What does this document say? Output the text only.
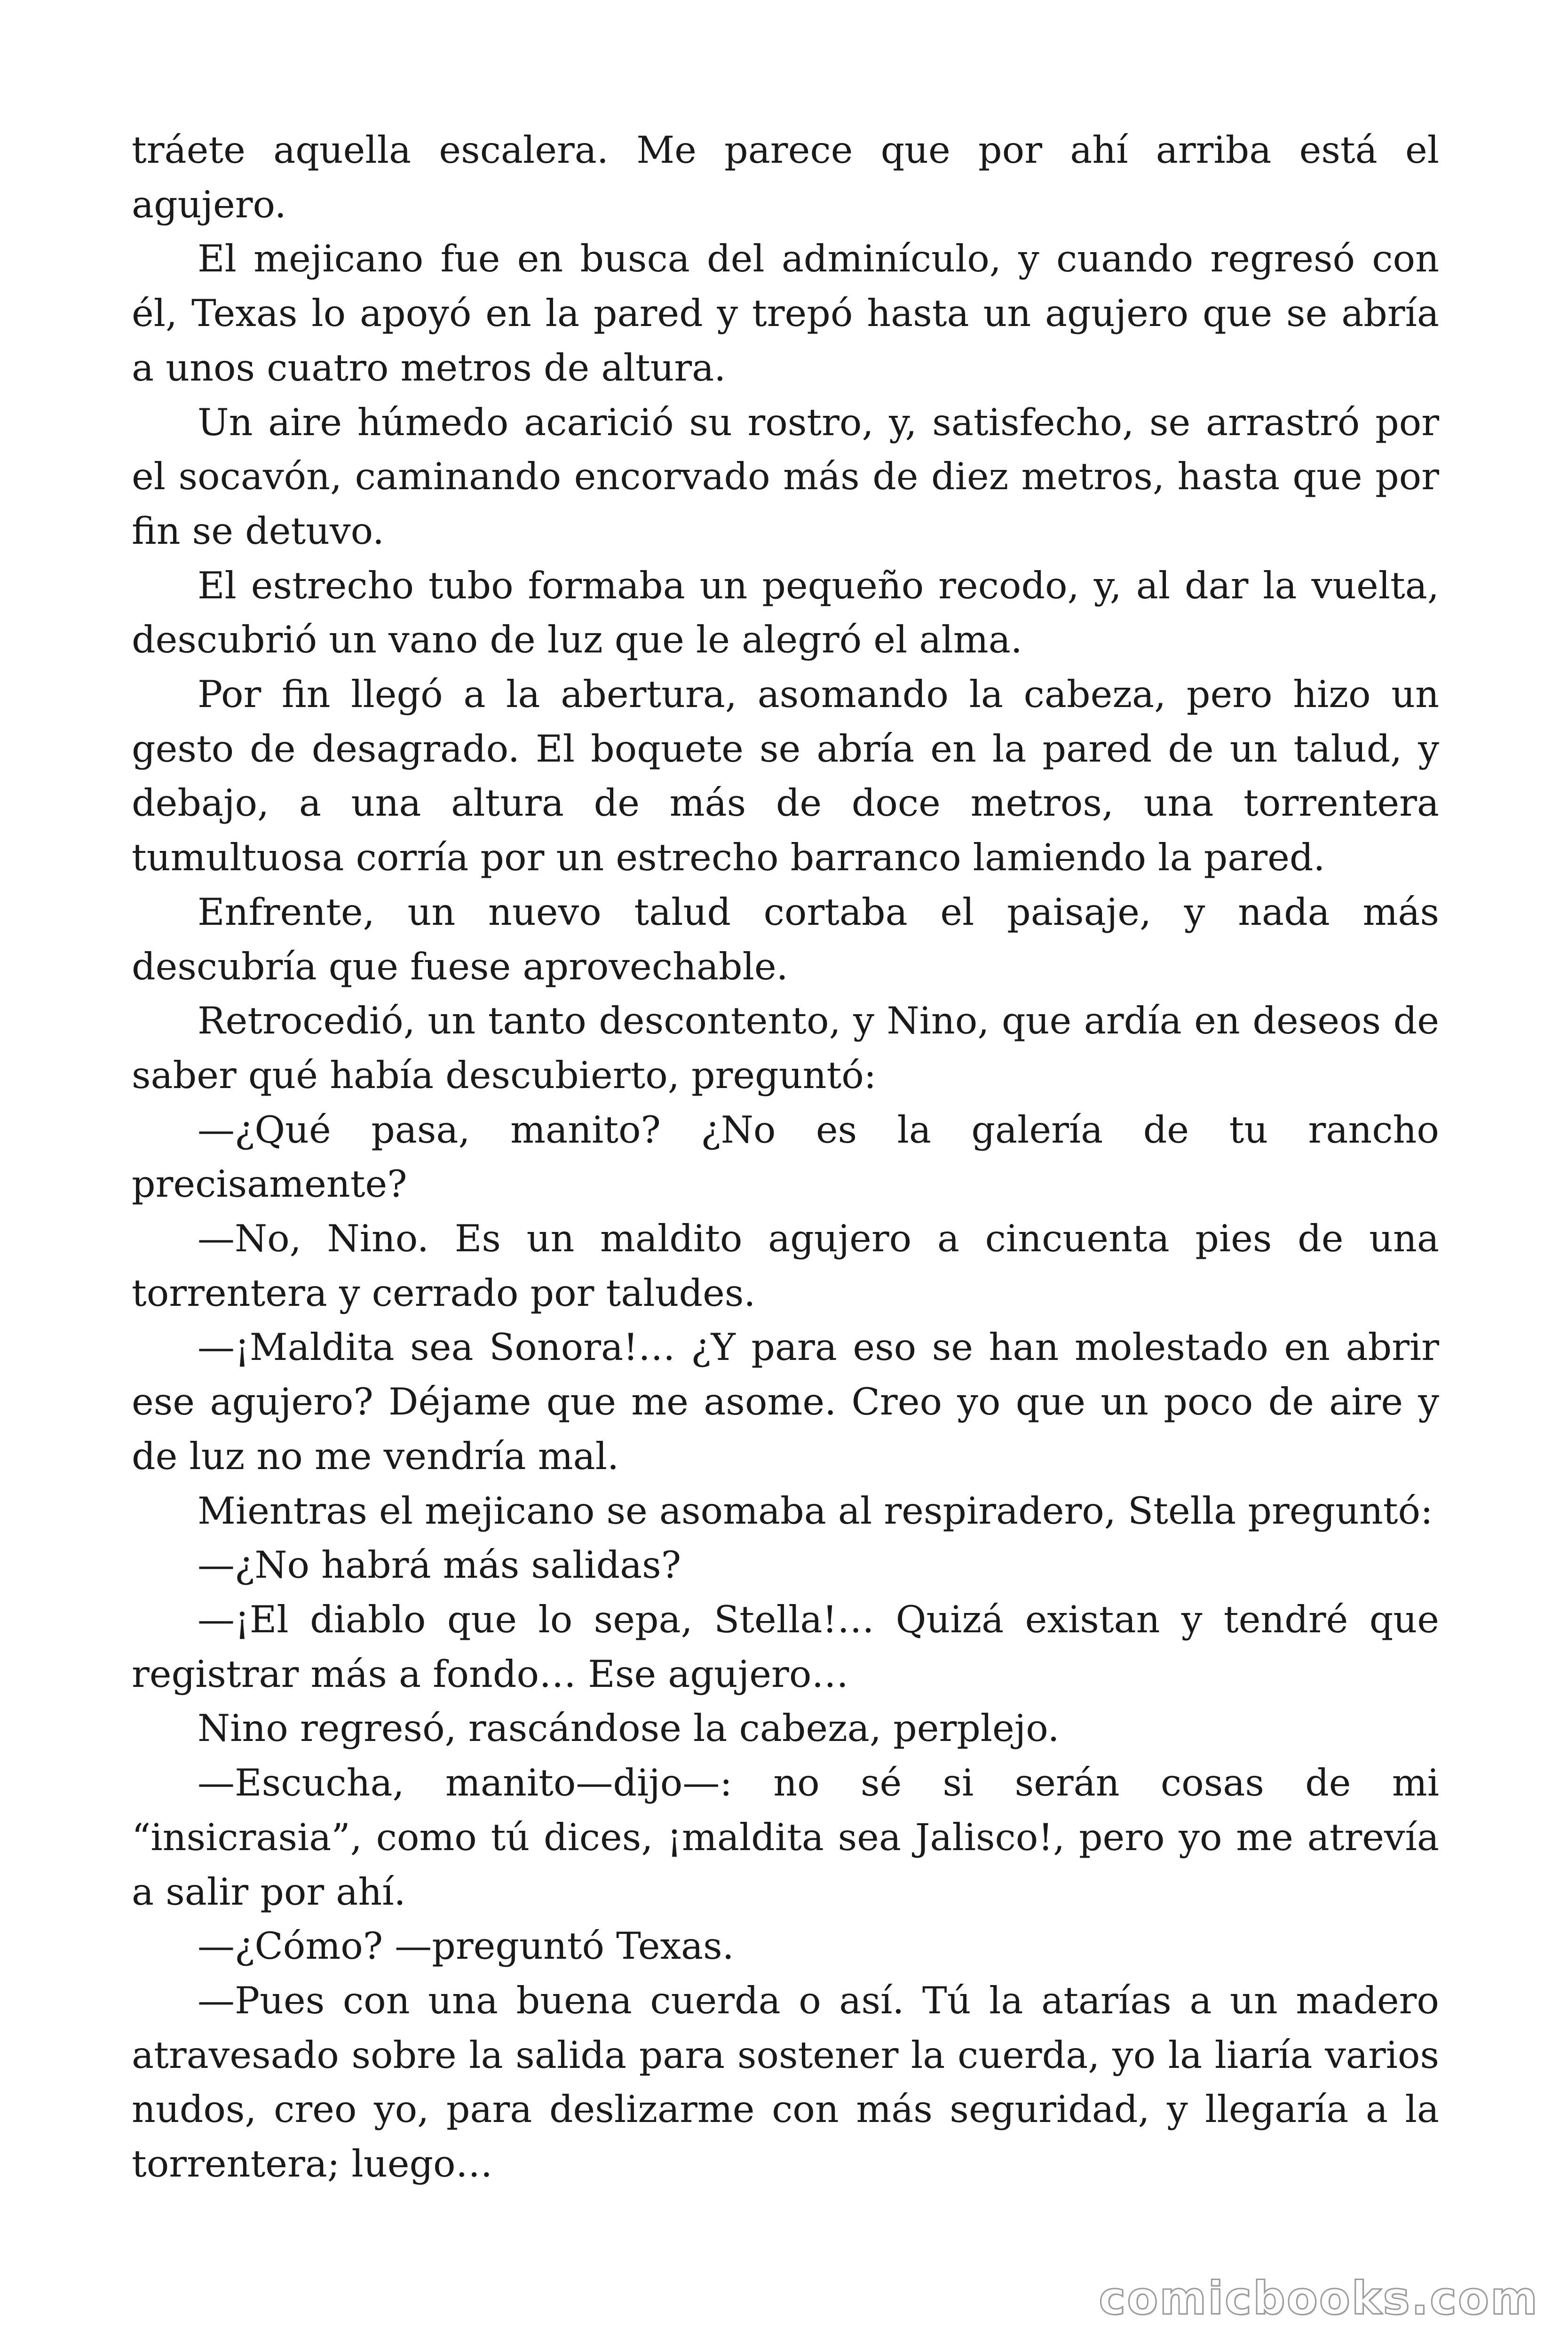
tráete aquella escalera. Me parece que por ahí arriba está el agujero.

El mejicano fue en busca del adminículo, y cuando regresó con él, Texas lo apoyó en la pared y trepó hasta un agujero que se abría a unos cuatro metros de altura.

Un aire húmedo acarició su rostro, y, satisfecho, se arrastró por el socavón, caminando encorvado más de diez metros, hasta que por fin se detuvo.

El estrecho tubo formaba un pequeño recodo, y, al dar la vuelta, descubrió un vano de luz que le alegró el alma.

Por fin llegó a la abertura, asomando la cabeza, pero hizo un gesto de desagrado. El boquete se abría en la pared de un talud, y debajo, a una altura de más de doce metros, una torrentera tumultuosa corría por un estrecho barranco lamiendo la pared.

Enfrente, un nuevo talud cortaba el paisaje, y nada más descubría que fuese aprovechable.

Retrocedió, un tanto descontento, y Nino, que ardía en deseos de saber qué había descubierto, preguntó:

—¿Qué pasa, manito? ¿No es la galería de tu rancho precisamente?

—No, Nino. Es un maldito agujero a cincuenta pies de una torrentera y cerrado por taludes.

—¡Maldita sea Sonora!… ¿Y para eso se han molestado en abrir ese agujero? Déjame que me asome. Creo yo que un poco de aire y de luz no me vendría mal.

Mientras el mejicano se asomaba al respiradero, Stella preguntó:

—¿No habrá más salidas?

—¡El diablo que lo sepa, Stella!… Quizá existan y tendré que registrar más a fondo… Ese agujero…

Nino regresó, rascándose la cabeza, perplejo.

—Escucha, manito—dijo—: no sé si serán cosas de mi “insicrasia”, como tú dices, ¡maldita sea Jalisco!, pero yo me atrevía a salir por ahí.

—¿Cómo? —preguntó Texas.

—Pues con una buena cuerda o así. Tú la atarías a un madero atravesado sobre la salida para sostener la cuerda, yo la liaría varios nudos, creo yo, para deslizarme con más seguridad, y llegaría a la torrentera; luego…

comicbooks.com
